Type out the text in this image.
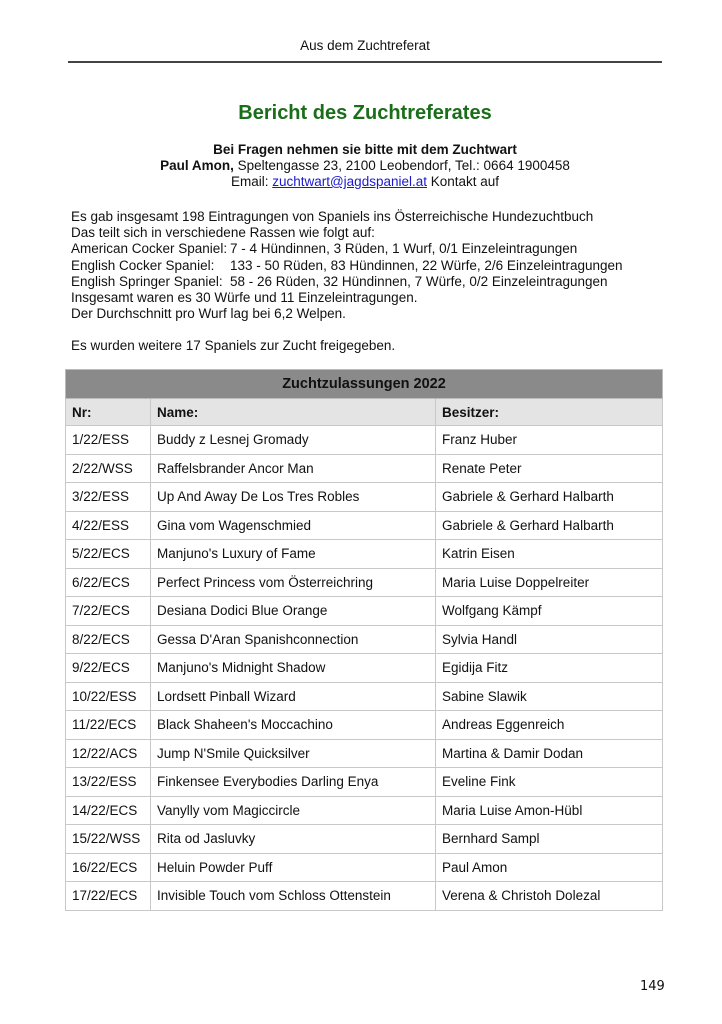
Aus dem Zuchtreferat
Bericht des Zuchtreferates
Bei Fragen nehmen sie bitte mit dem Zuchtwart
Paul Amon, Speltengasse 23, 2100 Leobendorf, Tel.: 0664 1900458
Email: zuchtwart@jagdspaniel.at Kontakt auf
Es gab insgesamt 198 Eintragungen von Spaniels ins Österreichische Hundezuchtbuch
Das teilt sich in verschiedene Rassen wie folgt auf:
American Cocker Spaniel: 7 - 4 Hündinnen, 3 Rüden, 1 Wurf, 0/1 Einzeleintragungen
English Cocker Spaniel: 133 - 50 Rüden, 83 Hündinnen, 22 Würfe, 2/6 Einzeleintragungen
English Springer Spaniel: 58 - 26 Rüden, 32 Hündinnen, 7 Würfe, 0/2 Einzeleintragungen
Insgesamt waren es 30 Würfe und 11 Einzeleintragungen.
Der Durchschnitt pro Wurf lag bei 6,2 Welpen.
Es wurden weitere 17 Spaniels zur Zucht freigegeben.
Zuchtzulassungen 2022		
Nr:	Name:	Besitzer:
1/22/ESS	Buddy z Lesnej Gromady	Franz Huber
2/22/WSS	Raffelsbrander Ancor Man	Renate Peter
3/22/ESS	Up And Away De Los Tres Robles	Gabriele & Gerhard Halbarth
4/22/ESS	Gina vom Wagenschmied	Gabriele & Gerhard Halbarth
5/22/ECS	Manjuno's Luxury of Fame	Katrin Eisen
6/22/ECS	Perfect Princess vom Österreichring	Maria Luise Doppelreiter
7/22/ECS	Desiana Dodici Blue Orange	Wolfgang Kämpf
8/22/ECS	Gessa D'Aran Spanishconnection	Sylvia Handl
9/22/ECS	Manjuno's Midnight Shadow	Egidija Fitz
10/22/ESS	Lordsett Pinball Wizard	Sabine Slawik
11/22/ECS	Black Shaheen's Moccachino	Andreas Eggenreich
12/22/ACS	Jump N'Smile Quicksilver	Martina & Damir Dodan
13/22/ESS	Finkensee Everybodies Darling Enya	Eveline Fink
14/22/ECS	Vanylly vom Magiccircle	Maria Luise Amon-Hübl
15/22/WSS	Rita od Jasluvky	Bernhard Sampl
16/22/ECS	Heluin Powder Puff	Paul Amon
17/22/ECS	Invisible Touch vom Schloss Ottenstein	Verena & Christoh Dolezal
149
